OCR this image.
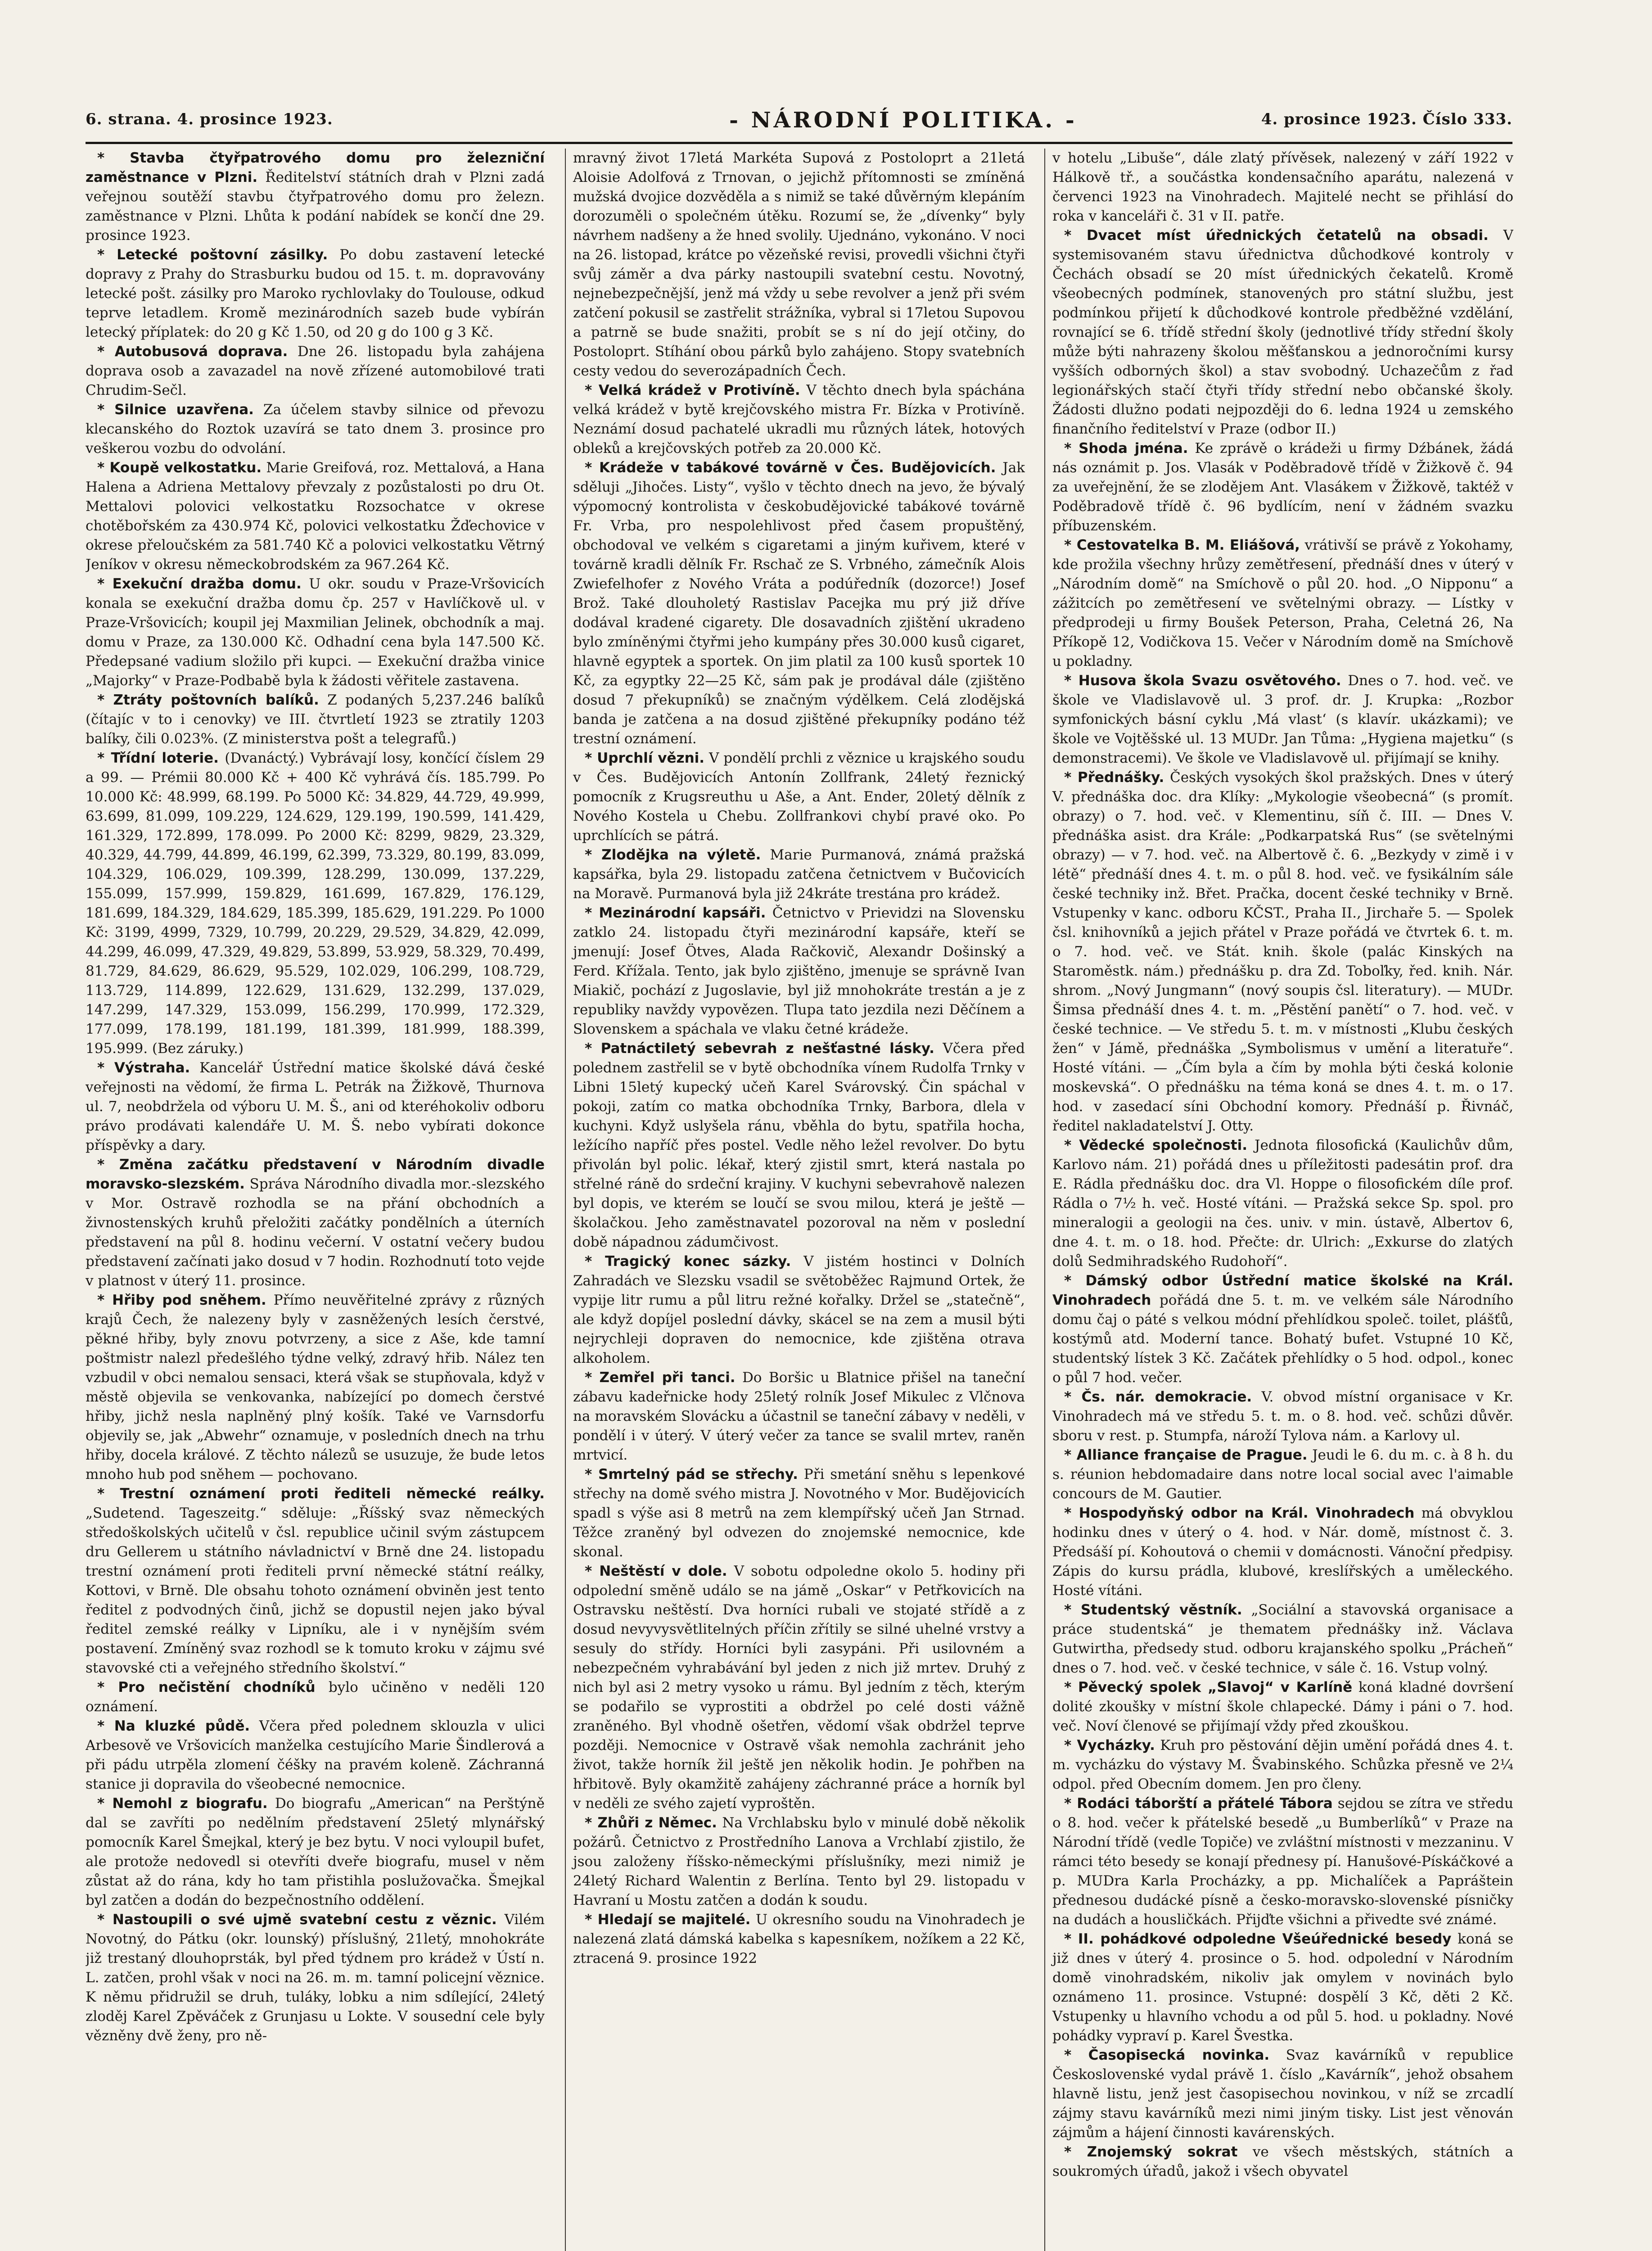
6. strana. 4. prosince 1923.	- NÁRODNÍ POLITIKA. -	4. prosince 1923. Číslo 333.

* Stavba čtyřpatrového domu pro železniční zaměstnance v Plzni. Ředitelství státních drah v Plzni zadá veřejnou soutěží stavbu čtyřpatrového domu pro železn. zaměstnance v Plzni. Lhůta k podání nabídek se končí dne 29. prosince 1923.

* Letecké poštovní zásilky. Po dobu zastavení letecké dopravy z Prahy do Strasburku budou od 15. t. m. dopravovány letecké pošt. zásilky pro Maroko rychlovlaky do Toulouse, odkud teprve letadlem. Kromě mezinárodních sazeb bude vybírán letecký příplatek: do 20 g Kč 1.50, od 20 g do 100 g 3 Kč.

* Autobusová doprava. Dne 26. listopadu byla zahájena doprava osob a zavazadel na nově zřízené automobilové trati Chrudim-Sečl.

* Silnice uzavřena. Za účelem stavby silnice od převozu klecanského do Roztok uzavírá se tato dnem 3. prosince pro veškerou vozbu do odvolání.

* Koupě velkostatku. Marie Greifová, roz. Mettalová, a Hana Halena a Adriena Mettalovy převzaly z pozůstalosti po dru Ot. Mettalovi polovici velkostatku Rozsochatce v okrese chotěbořském za 430.974 Kč, polovici velkostatku Žďechovice v okrese přeloučském za 581.740 Kč a polovici velkostatku Větrný Jeníkov v okresu německobrodském za 967.264 Kč.

* Exekuční dražba domu. U okr. soudu v Praze-Vršovicích konala se exekuční dražba domu čp. 257 v Havlíčkově ul. v Praze-Vršovicích; koupil jej Maxmilian Jelinek, obchodník a maj. domu v Praze, za 130.000 Kč. Odhadní cena byla 147.500 Kč. Předepsané vadium složilo při kupci. — Exekuční dražba vinice „Majorky“ v Praze-Podbabě byla k žádosti věřitele zastavena.

* Ztráty poštovních balíků. Z podaných 5,237.246 balíků (čítajíc v to i cenovky) ve III. čtvrtletí 1923 se ztratily 1203 balíky, čili 0.023%. (Z ministerstva pošt a telegrafů.)

* Třídní loterie. (Dvanáctý.) Vybrávají losy, končící číslem 29 a 99. — Prémii 80.000 Kč + 400 Kč vyhrává čís. 185.799. Po 10.000 Kč: 48.999, 68.199. Po 5000 Kč: 34.829, 44.729, 49.999, 63.699, 81.099, 109.229, 124.629, 129.199, 190.599, 141.429, 161.329, 172.899, 178.099. Po 2000 Kč: 8299, 9829, 23.329, 40.329, 44.799, 44.899, 46.199, 62.399, 73.329, 80.199, 83.099, 104.329, 106.029, 109.399, 128.299, 130.099, 137.229, 155.099, 157.999, 159.829, 161.699, 167.829, 176.129, 181.699, 184.329, 184.629, 185.399, 185.629, 191.229. Po 1000 Kč: 3199, 4999, 7329, 10.799, 20.229, 29.529, 34.829, 42.099, 44.299, 46.099, 47.329, 49.829, 53.899, 53.929, 58.329, 70.499, 81.729, 84.629, 86.629, 95.529, 102.029, 106.299, 108.729, 113.729, 114.899, 122.629, 131.629, 132.299, 137.029, 147.299, 147.329, 153.099, 156.299, 170.999, 172.329, 177.099, 178.199, 181.199, 181.399, 181.999, 188.399, 195.999. (Bez záruky.)

* Výstraha. Kancelář Ústřední matice školské dává české veřejnosti na vědomí, že firma L. Petrák na Žižkově, Thurnova ul. 7, neobdržela od výboru U. M. Š., ani od kteréhokoliv odboru právo prodávati kalendáře U. M. Š. nebo vybírati dokonce příspěvky a dary.

* Změna začátku představení v Národním divadle moravsko-slezském. Správa Národního divadla mor.-slezského v Mor. Ostravě rozhodla se na přání obchodních a živnostenských kruhů přeložiti začátky pondělních a úterních představení na půl 8. hodinu večerní. V ostatní večery budou představení začínati jako dosud v 7 hodin. Rozhodnutí toto vejde v platnost v úterý 11. prosince.

* Hřiby pod sněhem. Přímo neuvěřitelné zprávy z různých krajů Čech, že nalezeny byly v zasněžených lesích čerstvé, pěkné hřiby, byly znovu potvrzeny, a sice z Aše, kde tamní poštmistr nalezl předešlého týdne velký, zdravý hřib. Nález ten vzbudil v obci nemalou sensaci, která však se stupňovala, když v městě objevila se venkovanka, nabízející po domech čerstvé hřiby, jichž nesla naplněný plný košík. Také ve Varnsdorfu objevily se, jak „Abwehr“ oznamuje, v posledních dnech na trhu hřiby, docela králové. Z těchto nálezů se usuzuje, že bude letos mnoho hub pod sněhem — pochovano.

* Trestní oznámení proti řediteli německé reálky. „Sudetend. Tageszeitg.“ sděluje: „Říšský svaz německých středoškolských učitelů v čsl. republice učinil svým zástupcem dru Gellerem u státního návladnictví v Brně dne 24. listopadu trestní oznámení proti řediteli první německé státní reálky, Kottovi, v Brně. Dle obsahu tohoto oznámení obviněn jest tento ředitel z podvodných činů, jichž se dopustil nejen jako býval ředitel zemské reálky v Lipníku, ale i v nynějším svém postavení. Zmíněný svaz rozhodl se k tomuto kroku v zájmu své stavovské cti a veřejného středního školství.“

* Pro nečistění chodníků bylo učiněno v neděli 120 oznámení.

* Na kluzké půdě. Včera před polednem sklouzla v ulici Arbesově ve Vršovicích manželka cestujícího Marie Šindlerová a při pádu utrpěla zlomení čéšky na pravém koleně. Záchranná stanice ji dopravila do všeobecné nemocnice.

* Nemohl z biografu. Do biografu „American“ na Perštýně dal se zavříti po nedělním představení 25letý mlynářský pomocník Karel Šmejkal, který je bez bytu. V noci vyloupil bufet, ale protože nedovedl si otevříti dveře biografu, musel v něm zůstat až do rána, kdy ho tam přistihla poslužovačka. Šmejkal byl zatčen a dodán do bezpečnostního oddělení.

* Nastoupili o své ujmě svatební cestu z věznic. Vilém Novotný, do Pátku (okr. lounský) příslušný, 21letý, mnohokráte již trestaný dlouhoprsták, byl před týdnem pro krádež v Ústí n. L. zatčen, prohl však v noci na 26. m. m. tamní policejní věznice. K němu přidružil se druh, tuláky, lobku a nim sdílející, 24letý zloděj Karel Zpěváček z Grunjasu u Lokte. V sousední cele byly vězněny dvě ženy, pro ně-

mravný život 17letá Markéta Supová z Postoloprt a 21letá Aloisie Adolfová z Trnovan, o jejichž přítomnosti se zmíněná mužská dvojice dozvěděla a s nimiž se také důvěrným klepáním dorozuměli o společném útěku. Rozumí se, že „dívenky“ byly návrhem nadšeny a že hned svolily. Ujednáno, vykonáno. V noci na 26. listopad, krátce po vězeňské revisi, provedli všichni čtyři svůj záměr a dva párky nastoupili svatební cestu. Novotný, nejnebezpečnější, jenž má vždy u sebe revolver a jenž při svém zatčení pokusil se zastřelit strážníka, vybral si 17letou Supovou a patrně se bude snažiti, probít se s ní do její otčiny, do Postoloprt. Stíhání obou párků bylo zahájeno. Stopy svatebních cesty vedou do severozápadních Čech.

* Velká krádež v Protivíně. V těchto dnech byla spáchána velká krádež v bytě krejčovského mistra Fr. Bízka v Protivíně. Neznámí dosud pachatelé ukradli mu různých látek, hotových obleků a krejčovských potřeb za 20.000 Kč.

* Krádeže v tabákové továrně v Čes. Budějovicích. Jak sděluji „Jihočes. Listy“, vyšlo v těchto dnech na jevo, že bývalý výpomocný kontrolista v českobudějovické tabákové továrně Fr. Vrba, pro nespolehlivost před časem propuštěný, obchodoval ve velkém s cigaretami a jiným kuřivem, které v továrně kradli dělník Fr. Rschač ze S. Vrbného, zámečník Alois Zwiefelhofer z Nového Vráta a podúředník (dozorce!) Josef Brož. Také dlouholetý Rastislav Pacejka mu prý již dříve dodával kradené cigarety. Dle dosavadních zjištění ukradeno bylo zmíněnými čtyřmi jeho kumpány přes 30.000 kusů cigaret, hlavně egyptek a sportek. On jim platil za 100 kusů sportek 10 Kč, za egyptky 22—25 Kč, sám pak je prodával dále (zjištěno dosud 7 překupníků) se značným výdělkem. Celá zlodějská banda je zatčena a na dosud zjištěné překupníky podáno též trestní oznámení.

* Uprchlí vězni. V pondělí prchli z věznice u krajského soudu v Čes. Budějovicích Antonín Zollfrank, 24letý řeznický pomocník z Krugsreuthu u Aše, a Ant. Ender, 20letý dělník z Nového Kostela u Chebu. Zollfrankovi chybí pravé oko. Po uprchlících se pátrá.

* Zlodějka na výletě. Marie Purmanová, známá pražská kapsářka, byla 29. listopadu zatčena četnictvem v Bučovicích na Moravě. Purmanová byla již 24kráte trestána pro krádež.

* Mezinárodní kapsáři. Četnictvo v Prievidzi na Slovensku zatklo 24. listopadu čtyři mezinárodní kapsáře, kteří se jmenují: Josef Ötves, Alada Račkovič, Alexandr Došinský a Ferd. Křížala. Tento, jak bylo zjištěno, jmenuje se správně Ivan Miakič, pochází z Jugoslavie, byl již mnohokráte trestán a je z republiky navždy vypovězen. Tlupa tato jezdila nezi Děčínem a Slovenskem a spáchala ve vlaku četné krádeže.

* Patnáctiletý sebevrah z nešťastné lásky. Včera před polednem zastřelil se v bytě obchodníka vínem Rudolfa Trnky v Libni 15letý kupecký učeň Karel Svárovský. Čin spáchal v pokoji, zatím co matka obchodníka Trnky, Barbora, dlela v kuchyni. Když uslyšela ránu, vběhla do bytu, spatřila hocha, ležícího napříč přes postel. Vedle něho ležel revolver. Do bytu přivolán byl polic. lékař, který zjistil smrt, která nastala po střelné ráně do srdeční krajiny. V kuchyni sebevrahově nalezen byl dopis, ve kterém se loučí se svou milou, která je ještě — školačkou. Jeho zaměstnavatel pozoroval na něm v poslední době nápadnou zádumčivost.

* Tragický konec sázky. V jistém hostinci v Dolních Zahradách ve Slezsku vsadil se světoběžec Rajmund Ortek, že vypije litr rumu a půl litru režné kořalky. Držel se „statečně“, ale když dopíjel poslední dávky, skácel se na zem a musil býti nejrychleji dopraven do nemocnice, kde zjištěna otrava alkoholem.

* Zemřel při tanci. Do Boršic u Blatnice přišel na taneční zábavu kadeřnicke hody 25letý rolník Josef Mikulec z Vlčnova na moravském Slovácku a účastnil se taneční zábavy v neděli, v pondělí i v úterý. V úterý večer za tance se svalil mrtev, raněn mrtvicí.

* Smrtelný pád se střechy. Při smetání sněhu s lepenkové střechy na domě svého mistra J. Novotného v Mor. Budějovicích spadl s výše asi 8 metrů na zem klempířský učeň Jan Strnad. Těžce zraněný byl odvezen do znojemské nemocnice, kde skonal.

* Neštěstí v dole. V sobotu odpoledne okolo 5. hodiny při odpolední směně událo se na jámě „Oskar“ v Petřkovicích na Ostravsku neštěstí. Dva horníci rubali ve stojaté střídě a z dosud nevyvysvětlitelných příčin zřítily se silné uhelné vrstvy a sesuly do střídy. Horníci byli zasypáni. Při usilovném a nebezpečném vyhrabávání byl jeden z nich již mrtev. Druhý z nich byl asi 2 metry vysoko u rámu. Byl jedním z těch, kterým se podařilo se vyprostiti a obdržel po celé dosti vážně zraněného. Byl vhodně ošetřen, vědomí však obdržel teprve později. Nemocnice v Ostravě však nemohla zachránit jeho život, takže horník žil ještě jen několik hodin. Je pohřben na hřbitově. Byly okamžitě zahájeny záchranné práce a horník byl v neděli ze svého zajetí vyproštěn.

* Zhůři z Němec. Na Vrchlabsku bylo v minulé době několik požárů. Četnictvo z Prostředního Lanova a Vrchlabí zjistilo, že jsou založeny říšsko-německými příslušníky, mezi nimiž je 24letý Richard Walentin z Berlína. Tento byl 29. listopadu v Havraní u Mostu zatčen a dodán k soudu.

* Hledají se majitelé. U okresního soudu na Vinohradech je nalezená zlatá dámská kabelka s kapesníkem, nožíkem a 22 Kč, ztracená 9. prosince 1922

v hotelu „Libuše“, dále zlatý přívěsek, nalezený v září 1922 v Hálkově tř., a součástka kondensačního aparátu, nalezená v červenci 1923 na Vinohradech. Majitelé necht se přihlásí do roka v kanceláři č. 31 v II. patře.

* Dvacet míst úřednických četatelů na obsadi. V systemisovaném stavu úřednictva důchodkové kontroly v Čechách obsadí se 20 míst úřednických čekatelů. Kromě všeobecných podmínek, stanovených pro státní službu, jest podmínkou přijetí k důchodkové kontrole předběžné vzdělání, rovnající se 6. třídě střední školy (jednotlivé třídy střední školy může býti nahrazeny školou měšťanskou a jednoročními kursy vyšších odborných škol) a stav svobodný. Uchazečům z řad legionářských stačí čtyři třídy střední nebo občanské školy. Žádosti dlužno podati nejpozději do 6. ledna 1924 u zemského finančního ředitelství v Praze (odbor II.)

* Shoda jména. Ke zprávě o krádeži u firmy Dźbánek, žádá nás oznámit p. Jos. Vlasák v Poděbradově třídě v Žižkově č. 94 za uveřejnění, že se zlodějem Ant. Vlasákem v Žižkově, taktéž v Poděbradově třídě č. 96 bydlícím, není v žádném svazku příbuzenském.

* Cestovatelka B. M. Eliášová, vrátivší se právě z Yokohamy, kde prožila všechny hrůzy zemětřesení, přednáší dnes v úterý v „Národním domě“ na Smíchově o půl 20. hod. „O Nipponu“ a zážitcích po zemětřesení ve světelnými obrazy. — Lístky v předprodeji u firmy Boušek Peterson, Praha, Celetná 26, Na Příkopě 12, Vodičkova 15. Večer v Národním domě na Smíchově u pokladny.

* Husova škola Svazu osvětového. Dnes o 7. hod. več. ve škole ve Vladislavově ul. 3 prof. dr. J. Krupka: „Rozbor symfonických básní cyklu ‚Má vlast‘ (s klavír. ukázkami); ve škole ve Vojtěšské ul. 13 MUDr. Jan Tůma: „Hygiena majetku“ (s demonstracemi). Ve škole ve Vladislavově ul. přijímají se knihy.

* Přednášky. Českých vysokých škol pražských. Dnes v úterý V. přednáška doc. dra Klíky: „Mykologie všeobecná“ (s promít. obrazy) o 7. hod. več. v Klementinu, síň č. III. — Dnes V. přednáška asist. dra Krále: „Podkarpatská Rus“ (se světelnými obrazy) — v 7. hod. več. na Albertově č. 6. „Bezkydy v zimě i v létě“ přednáší dnes 4. t. m. o půl 8. hod. več. ve fysikálním sále české techniky inž. Břet. Pračka, docent české techniky v Brně. Vstupenky v kanc. odboru KČST., Praha II., Jirchaře 5. — Spolek čsl. knihovníků a jejich přátel v Praze pořádá ve čtvrtek 6. t. m. o 7. hod. več. ve Stát. knih. škole (palác Kinských na Staroměstk. nám.) přednášku p. dra Zd. Toboľky, řed. knih. Nár. shrom. „Nový Jungmann“ (nový soupis čsl. literatury). — MUDr. Šimsa přednáší dnes 4. t. m. „Pěstění panětí“ o 7. hod. več. v české technice. — Ve středu 5. t. m. v místnosti „Klubu českých žen“ v Jámě, přednáška „Symbolismus v umění a literatuře“. Hosté vítáni. — „Čím byla a čím by mohla býti česká kolonie moskevská“. O přednášku na téma koná se dnes 4. t. m. o 17. hod. v zasedací síni Obchodní komory. Přednáší p. Řivnáč, ředitel nakladatelství J. Otty.

* Vědecké společnosti. Jednota filosofická (Kaulichův dům, Karlovo nám. 21) pořádá dnes u příležitosti padesátin prof. dra E. Rádla přednášku doc. dra Vl. Hoppe o filosofickém díle prof. Rádla o 7½ h. več. Hosté vítáni. — Pražská sekce Sp. spol. pro mineralogii a geologii na čes. univ. v min. ústavě, Albertov 6, dne 4. t. m. o 18. hod. Přečte: dr. Ulrich: „Exkurse do zlatých dolů Sedmihradského Rudohoří“.

* Dámský odbor Ústřední matice školské na Král. Vinohradech pořádá dne 5. t. m. ve velkém sále Národního domu čaj o páté s velkou módní přehlídkou společ. toilet, plášťů, kostýmů atd. Moderní tance. Bohatý bufet. Vstupné 10 Kč, studentský lístek 3 Kč. Začátek přehlídky o 5 hod. odpol., konec o půl 7 hod. večer.

* Čs. nár. demokracie. V. obvod místní organisace v Kr. Vinohradech má ve středu 5. t. m. o 8. hod. več. schůzi důvěr. sboru v rest. p. Stumpfa, nároží Tylova nám. a Karlovy ul.

* Alliance française de Prague. Jeudi le 6. du m. c. à 8 h. du s. réunion hebdomadaire dans notre local social avec l'aimable concours de M. Gautier.

* Hospodyňský odbor na Král. Vinohradech má obvyklou hodinku dnes v úterý o 4. hod. v Nár. domě, místnost č. 3. Předsáší pí. Kohoutová o chemii v domácnosti. Vánoční předpisy. Zápis do kursu prádla, klubové, kreslířských a uměleckého. Hosté vítáni.

* Studentský věstník. „Sociální a stavovská organisace a práce studentská“ je thematem přednášky inž. Václava Gutwirtha, předsedy stud. odboru krajanského spolku „Prácheň“ dnes o 7. hod. več. v české technice, v sále č. 16. Vstup volný.

* Pěvecký spolek „Slavoj“ v Karlíně koná kladné dovršení dolité zkoušky v místní škole chlapecké. Dámy i páni o 7. hod. več. Noví členové se přijímají vždy před zkouškou.

* Vycházky. Kruh pro pěstování dějin umění pořádá dnes 4. t. m. vycházku do výstavy M. Švabinského. Schůzka přesně ve 2¼ odpol. před Obecním domem. Jen pro členy.

* Rodáci táborští a přátelé Tábora sejdou se zítra ve středu o 8. hod. večer k přátelské besedě „u Bumberlíků“ v Praze na Národní třídě (vedle Topiče) ve zvláštní místnosti v mezzaninu. V rámci této besedy se konají přednesy pí. Hanušové-Pískáčkové a p. MUDra Karla Procházky, a pp. Michalíček a Papráštein přednesou dudácké písně a česko-moravsko-slovenské písničky na dudách a housličkách. Přijďte všichni a přivedte své známé.

* II. pohádkové odpoledne Všeúřednické besedy koná se již dnes v úterý 4. prosince o 5. hod. odpolední v Národním domě vinohradském, nikoliv jak omylem v novinách bylo oznámeno 11. prosince. Vstupné: dospělí 3 Kč, děti 2 Kč. Vstupenky u hlavního vchodu a od půl 5. hod. u pokladny. Nové pohádky vypraví p. Karel Švestka.

* Časopisecká novinka. Svaz kavárníků v republice Československé vydal právě 1. číslo „Kavárník“, jehož obsahem hlavně listu, jenž jest časopisechou novinkou, v níž se zrcadlí zájmy stavu kavárníků mezi nimi jiným tisky. List jest věnován zájmům a hájení činnosti kavárenských.

* Znojemský sokrat ve všech městských, státních a soukromých úřadů, jakož i všech obyvatel
